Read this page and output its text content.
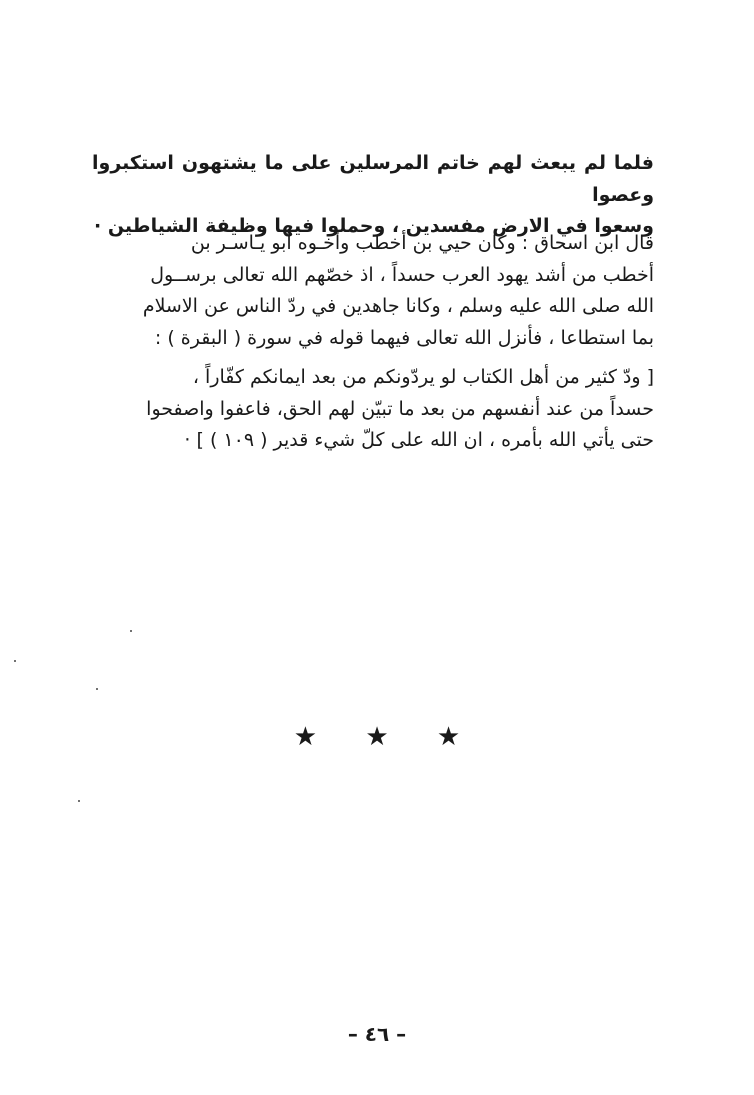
فلما لم يبعث لهم خاتم المرسلين على ما يشتهون استكبروا وعصوا
وسعوا في الارض مفسدين ، وحملوا فيها وظيفة الشياطين ·

قال ابن اسحاق : وكان حيي بن أخطب وأخـوه أبو يـاسـر بن
أخطب من أشد يهود العرب حسداً ، اذ خصّهم الله تعالى برســول
الله صلى الله عليه وسلم ، وكانا جاهدين في ردّ الناس عن الاسلام
بما استطاعا ، فأنزل الله تعالى فيهما قوله في سورة ( البقرة ) :

[ ودّ كثير من أهل الكتاب لو يردّونكم من بعد ايمانكم كفّاراً ،
حسداً من عند أنفسهم من بعد ما تبيّن لهم الحق، فاعفوا واصفحوا
حتى يأتي الله بأمره ، ان الله على كلّ شيء قدير ( ١٠٩ ) ] ·

★ ★ ★
– ٤٦ –
